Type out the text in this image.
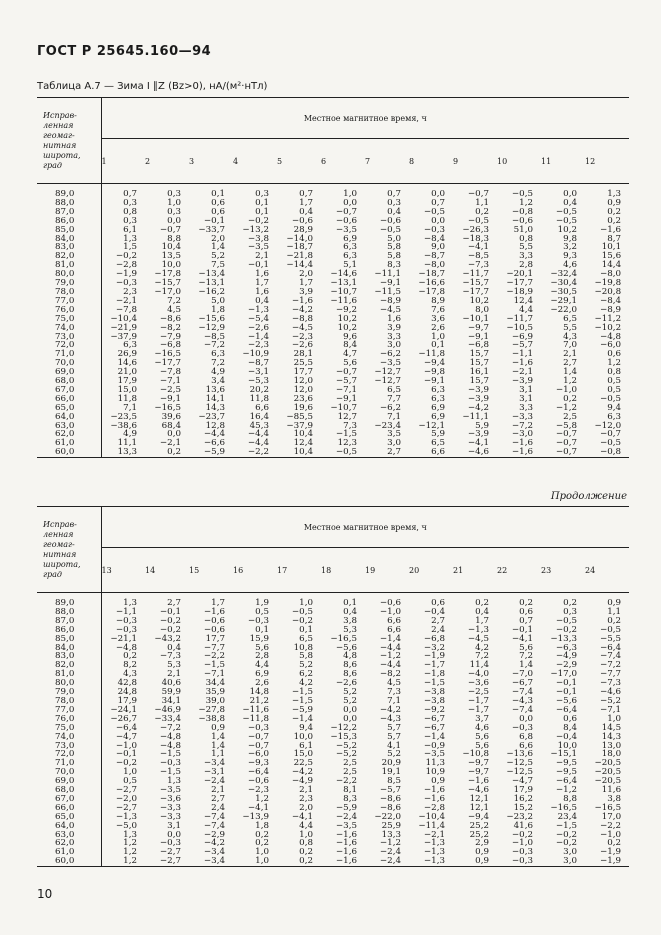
ГОСТ Р 25645.160—94
Таблица А.7 — Зима I ∥Z (Bz>0), нА/(м²·нТл)
Исправ-ленная геомаг-нитная широта, град	Местное магнитное время, ч											
	1	2	3	4	5	6	7	8	9	10	11	12
89,0	0,7	0,3	0,1	0,3	0,7	1,0	0,7	0,0	−0,7	−0,5	0,0	1,3
88,0	0,3	1,0	0,6	0,1	1,7	0,0	0,3	0,7	1,1	1,2	0,4	0,9
87,0	0,8	0,3	0,6	0,1	0,4	−0,7	0,4	−0,5	0,2	−0,8	−0,5	0,2
86,0	0,3	0,0	−0,1	−0,2	−0,6	−0,6	−0,6	0,0	−0,5	−0,6	−0,5	0,2
85,0	6,1	−0,7	−33,7	−13,2	28,9	−3,5	−0,5	−0,3	−26,3	51,0	10,2	−1,6
84,0	1,3	8,8	2,0	−3,8	−14,0	6,9	5,0	−8,4	−18,3	0,8	9,8	8,7
83,0	1,5	10,4	1,4	−3,5	−18,7	6,3	5,8	9,0	−4,1	5,5	3,2	10,1
82,0	−0,2	13,5	5,2	2,1	−21,8	6,3	5,8	−8,7	−8,5	3,3	9,3	15,6
81,0	−2,8	10,0	7,5	−0,1	−14,4	5,1	8,3	−8,0	−7,3	2,8	4,6	14,4
80,0	−1,9	−17,8	−13,4	1,6	2,0	−14,6	−11,1	−18,7	−11,7	−20,1	−32,4	−8,0
79,0	−0,3	−15,7	−13,1	1,7	1,7	−13,1	−9,1	−16,6	−15,7	−17,7	−30,4	−19,8
78,0	2,3	−17,0	−16,2	1,6	3,9	−10,7	−11,5	−17,8	−17,7	−18,9	−30,5	−20,8
77,0	−2,1	7,2	5,0	0,4	−1,6	−11,6	−8,9	8,9	10,2	12,4	−29,1	−8,4
76,0	−7,8	4,5	1,8	−1,3	−4,2	−9,2	−4,5	7,6	8,0	4,4	−22,0	−8,9
75,0	−10,4	−8,6	−15,6	−5,4	−8,8	10,2	1,6	3,6	−10,1	−11,7	6,5	−11,2
74,0	−21,9	−8,2	−12,9	−2,6	−4,5	10,2	3,9	2,6	−9,7	−10,5	5,5	−10,2
73,0	−37,9	−7,9	−8,5	−1,4	−2,3	9,6	3,3	1,0	−9,1	−6,9	4,3	−4,8
72,0	6,3	−6,8	−7,2	−2,3	−2,6	8,4	3,0	0,1	−6,8	−5,7	7,0	−6,0
71,0	26,9	−16,5	6,3	−10,9	28,1	4,7	−6,2	−11,8	15,7	−1,1	2,1	0,6
70,0	14,6	−17,7	7,2	−8,7	25,5	5,6	−3,5	−9,4	15,7	−1,6	2,7	1,2
69,0	21,0	−7,8	4,9	−3,1	17,7	−0,7	−12,7	−9,8	16,1	−2,1	1,4	0,8
68,0	17,9	−7,1	3,4	−5,3	12,0	−5,7	−12,7	−9,1	15,7	−3,9	1,2	0,5
67,0	15,0	−2,5	13,6	20,2	12,0	−7,1	6,5	6,3	−3,9	3,1	−1,0	0,5
66,0	11,8	−9,1	14,1	11,8	23,6	−9,1	7,7	6,3	−3,9	3,1	0,2	−0,5
65,0	7,1	−16,5	14,3	6,6	19,6	−10,7	−6,2	6,9	−4,2	3,3	−1,2	9,4
64,0	−23,5	39,6	−23,7	16,4	−85,5	12,7	7,1	6,9	−11,1	−3,3	2,5	6,3
63,0	−38,6	68,4	12,8	45,3	−37,9	7,3	−23,4	−12,1	5,9	−7,2	−5,8	−12,0
62,0	4,9	0,0	−4,4	−4,4	10,4	−1,5	3,5	5,9	−3,9	−3,0	−0,7	−0,7
61,0	11,1	−2,1	−6,6	−4,4	12,4	12,3	3,0	6,5	−4,1	−1,6	−0,7	−0,5
60,0	13,3	0,2	−5,9	−2,2	10,4	−0,5	2,7	6,6	−4,6	−1,6	−0,7	−0,8
Продолжение
Исправ-ленная геомаг-нитная широта, град	Местное магнитное время, ч											
	13	14	15	16	17	18	19	20	21	22	23	24
89,0	1,3	2,7	1,7	1,9	1,0	0,1	−0,6	0,6	0,2	0,2	0,2	0,9
88,0	−1,1	−0,1	−1,6	0,5	−0,5	0,4	−1,0	−0,4	0,4	0,6	0,3	1,1
87,0	−0,3	−0,2	−0,6	−0,3	−0,2	3,8	6,6	2,7	1,7	0,7	−0,5	0,2
86,0	−0,3	−0,2	−0,6	0,1	0,1	5,3	6,6	2,4	−1,3	−0,1	−0,2	−0,5
85,0	−21,1	−43,2	17,7	15,9	6,5	−16,5	−1,4	−6,8	−4,5	−4,1	−13,3	−5,5
84,0	−4,8	0,4	−7,7	5,6	10,8	−5,6	−4,4	−3,2	4,2	5,6	−6,3	−6,4
83,0	0,2	−7,3	−2,2	2,8	5,8	4,8	−1,2	−1,9	7,2	7,2	−4,9	−7,4
82,0	8,2	5,3	−1,5	4,4	5,2	8,6	−4,4	−1,7	11,4	1,4	−2,9	−7,2
81,0	4,3	2,1	−7,1	6,9	6,2	8,6	−8,2	−1,8	−4,0	−7,0	−17,0	−7,7
80,0	42,8	40,6	34,4	2,6	4,2	−2,6	4,5	−1,5	−3,6	−6,7	−0,1	−7,3
79,0	24,8	59,9	35,9	14,8	−1,5	5,2	7,3	−3,8	−2,5	−7,4	−0,1	−4,6
78,0	17,9	34,1	39,0	21,2	−1,5	5,2	7,1	−3,8	−1,7	−4,3	−5,6	−5,2
77,0	−24,1	−46,9	−27,8	−11,6	−5,9	0,0	−4,2	−9,2	−1,7	−7,4	−6,4	−7,1
76,0	−26,7	−33,4	−38,8	−11,8	−1,4	0,0	−4,3	−6,7	3,7	0,0	0,6	1,0
75,0	−6,4	−7,2	0,9	−0,3	9,4	−12,2	5,7	−6,7	4,6	−0,3	8,4	14,5
74,0	−4,7	−4,8	1,4	−0,7	10,0	−15,3	5,7	−1,4	5,6	6,8	−0,4	14,3
73,0	−1,0	−4,8	1,4	−0,7	6,1	−5,2	4,1	−0,9	5,6	6,6	10,0	13,0
72,0	−0,1	−1,5	1,1	−6,0	15,0	−5,2	5,2	−3,5	−10,8	−13,6	−15,1	18,0
71,0	−0,2	−0,3	−3,4	−9,3	22,5	2,5	20,9	11,3	−9,7	−12,5	−9,5	−20,5
70,0	1,0	−1,5	−3,1	−6,4	−4,2	2,5	19,1	10,9	−9,7	−12,5	−9,5	−20,5
69,0	0,5	1,3	−2,4	−0,6	−4,9	−2,2	8,5	0,9	−1,6	−4,7	−6,4	−20,5
68,0	−2,7	−3,5	2,1	−2,3	2,1	8,1	−5,7	−1,6	−4,6	17,9	−1,2	11,6
67,0	−2,0	−3,6	2,7	1,2	2,3	8,3	−8,6	−1,6	12,1	16,2	8,8	3,8
66,0	−2,7	−3,3	2,4	−4,1	2,0	−5,9	−8,6	−2,8	12,1	15,2	−16,5	−16,5
65,0	−1,3	−3,3	−7,4	−13,9	−4,1	−2,4	−22,0	−10,4	−9,4	−23,2	23,4	17,0
64,0	−5,0	3,1	−7,4	1,8	4,4	−3,5	25,9	−11,4	25,2	41,6	−1,5	−2,2
63,0	1,3	0,0	−2,9	0,2	1,0	−1,6	13,3	−2,1	25,2	−0,2	−0,2	−1,0
62,0	1,2	−0,3	−4,2	0,2	0,8	−1,6	−1,2	−1,3	2,9	−1,0	−0,2	0,2
61,0	1,2	−2,7	−3,4	1,0	0,2	−1,6	−2,4	−1,3	0,9	−0,3	3,0	−1,9
60,0	1,2	−2,7	−3,4	1,0	0,2	−1,6	−2,4	−1,3	0,9	−0,3	3,0	−1,9
10
